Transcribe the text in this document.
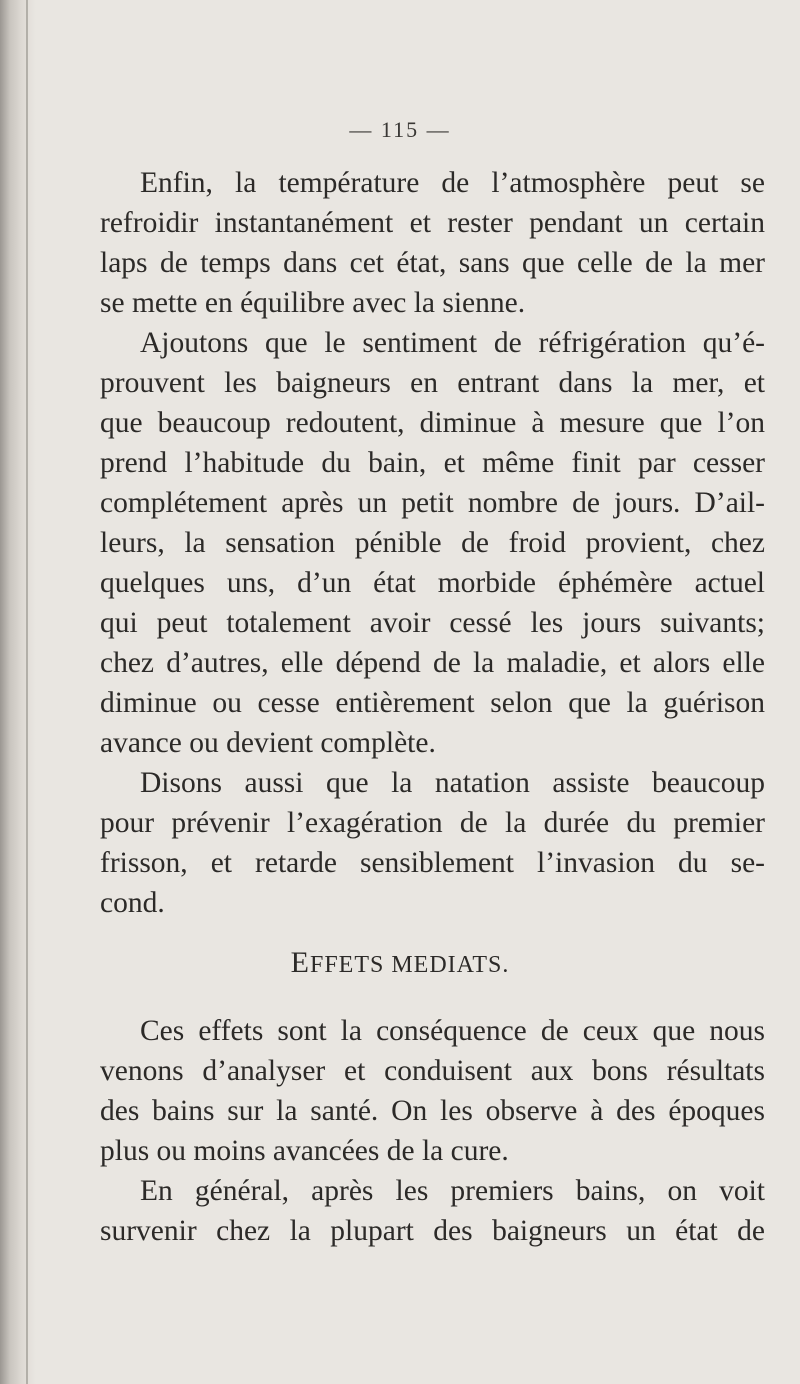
— 115 —
Enfin, la température de l’atmosphère peut se
refroidir instantanément et rester pendant un certain
laps de temps dans cet état, sans que celle de la mer
se mette en équilibre avec la sienne.
Ajoutons que le sentiment de réfrigération qu’é-
prouvent les baigneurs en entrant dans la mer, et
que beaucoup redoutent, diminue à mesure que l’on
prend l’habitude du bain, et même finit par cesser
complétement après un petit nombre de jours. D’ail-
leurs, la sensation pénible de froid provient, chez
quelques uns, d’un état morbide éphémère actuel
qui peut totalement avoir cessé les jours suivants;
chez d’autres, elle dépend de la maladie, et alors elle
diminue ou cesse entièrement selon que la guérison
avance ou devient complète.
Disons aussi que la natation assiste beaucoup
pour prévenir l’exagération de la durée du premier
frisson, et retarde sensiblement l’invasion du se-
cond.
EFFETS MEDIATS.
Ces effets sont la conséquence de ceux que nous
venons d’analyser et conduisent aux bons résultats
des bains sur la santé. On les observe à des époques
plus ou moins avancées de la cure.
En général, après les premiers bains, on voit
survenir chez la plupart des baigneurs un état de
